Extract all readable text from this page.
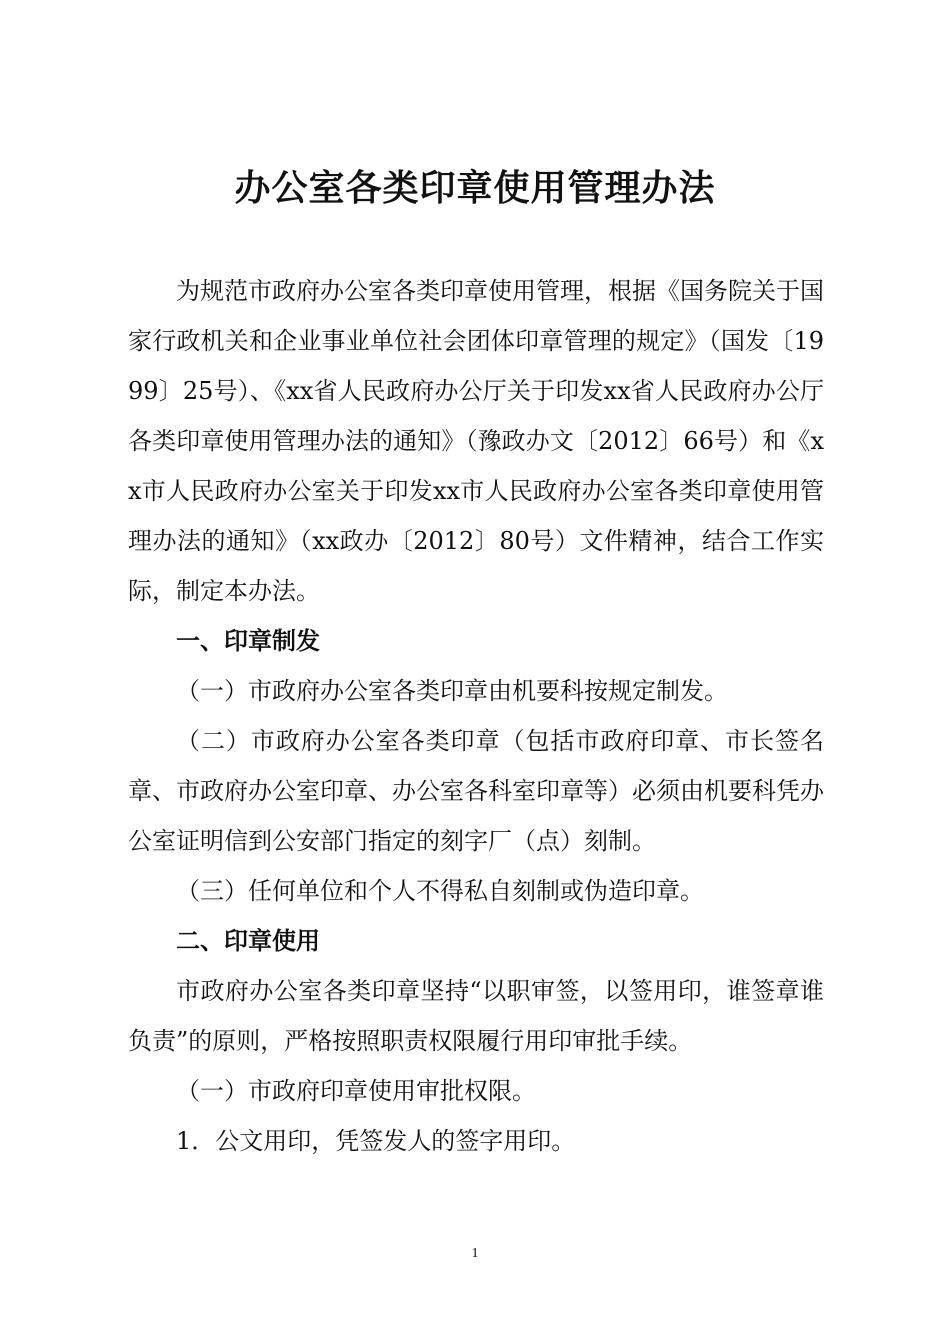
办公室各类印章使用管理办法

为规范市政府办公室各类印章使用管理，根据《国务院关于国家行政机关和企业事业单位社会团体印章管理的规定》（国发〔1999〕25号）、《xx省人民政府办公厅关于印发xx省人民政府办公厅各类印章使用管理办法的通知》（豫政办文〔2012〕66号）和《xx市人民政府办公室关于印发xx市人民政府办公室各类印章使用管理办法的通知》（xx政办〔2012〕80号）文件精神，结合工作实际，制定本办法。

一、印章制发

（一）市政府办公室各类印章由机要科按规定制发。

（二）市政府办公室各类印章（包括市政府印章、市长签名章、市政府办公室印章、办公室各科室印章等）必须由机要科凭办公室证明信到公安部门指定的刻字厂（点）刻制。

（三）任何单位和个人不得私自刻制或伪造印章。

二、印章使用

市政府办公室各类印章坚持“以职审签，以签用印，谁签章谁负责”的原则，严格按照职责权限履行用印审批手续。

（一）市政府印章使用审批权限。

1．公文用印，凭签发人的签字用印。

1
